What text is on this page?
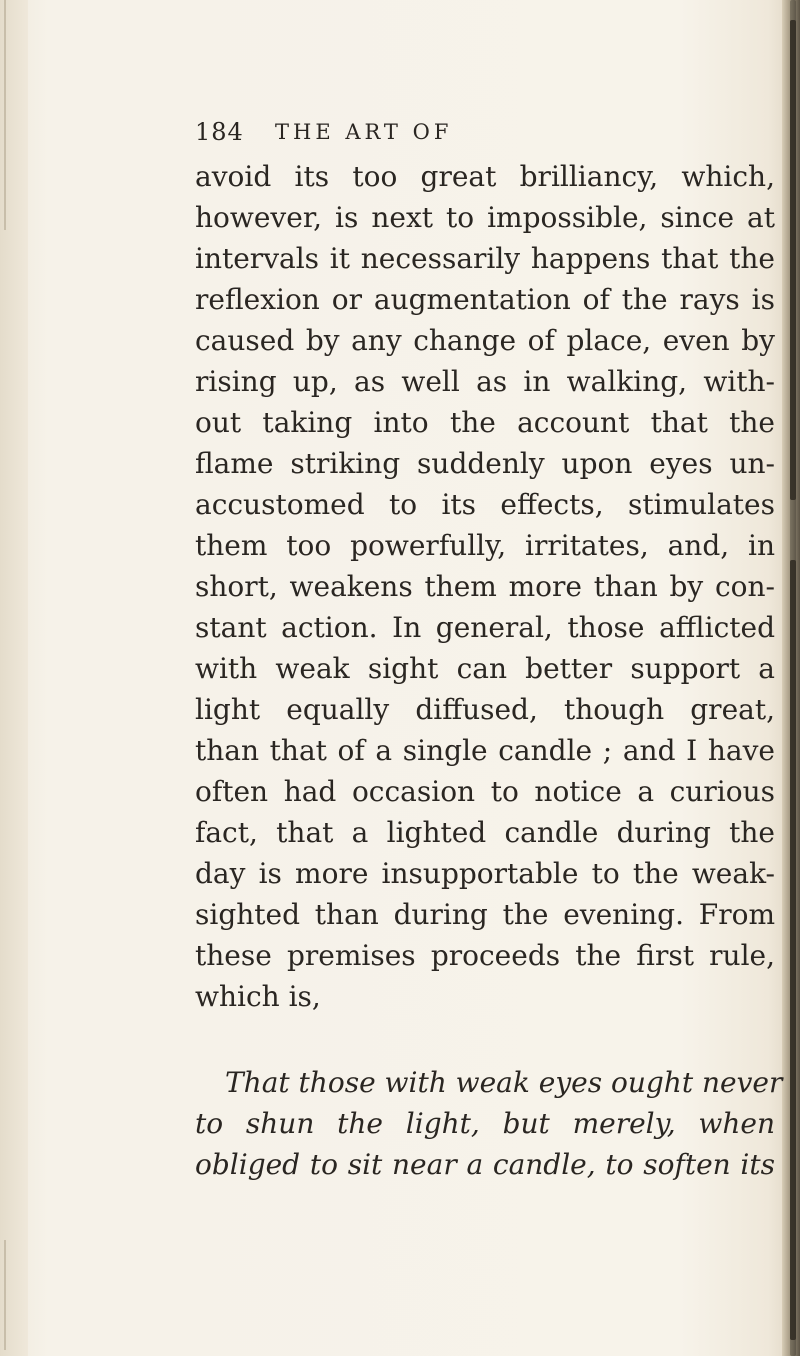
184 THE ART OF
avoid its too great brilliancy, which,
however, is next to impossible, since at
intervals it necessarily happens that the
reflexion or augmentation of the rays is
caused by any change of place, even by
rising up, as well as in walking, with-
out taking into the account that the
flame striking suddenly upon eyes un-
accustomed to its effects, stimulates
them too powerfully, irritates, and, in
short, weakens them more than by con-
stant action. In general, those afflicted
with weak sight can better support a
light equally diffused, though great,
than that of a single candle ; and I have
often had occasion to notice a curious
fact, that a lighted candle during the
day is more insupportable to the weak-
sighted than during the evening. From
these premises proceeds the first rule,
which is,
That those with weak eyes ought never
to shun the light, but merely, when
obliged to sit near a candle, to soften its
